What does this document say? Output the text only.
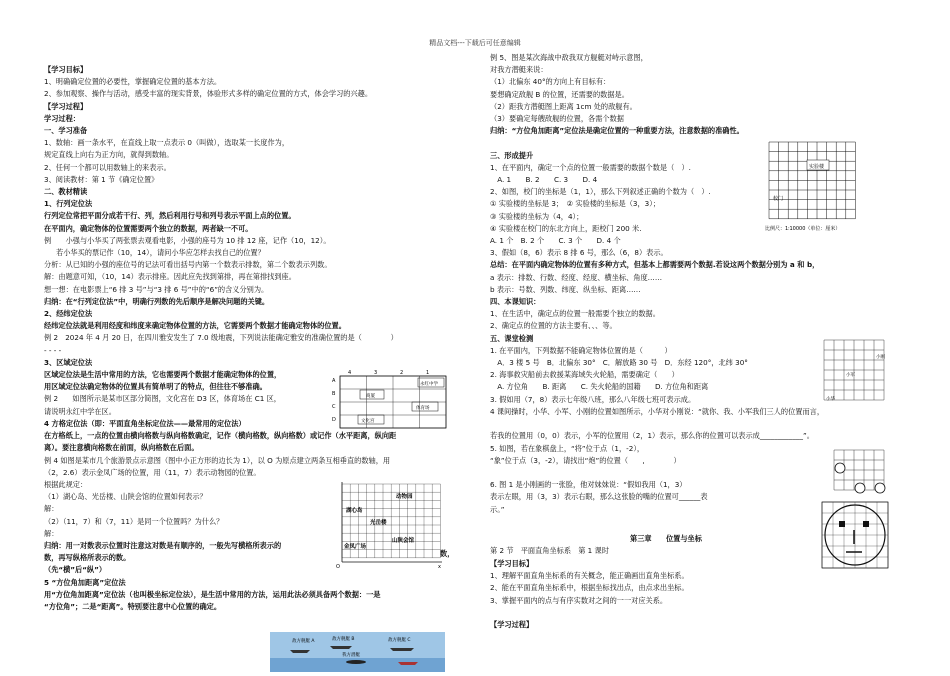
精品文档---下载后可任意编辑

【学习目标】

1、明确确定位置的必要性，掌握确定位置的基本方法。

2、参加观察、操作与活动，感受丰富的现实背景，体验形式多样的确定位置的方式，体会学习的兴趣。

【学习过程】

学习过程：

一、学习准备

1、数轴：画一条水平，在直线上取一点表示 0（叫做），选取某一长度作为，

规定直线上向右为正方向，就得到数轴。

2、任何一个都可以用数轴上的来表示。

3、阅读教材：第 1 节《确定位置》

二、教材精读

1、行列定位法

行列定位常把平面分成若干行、列，然后利用行号和列号表示平面上点的位置。

在平面内，确定物体的位置需要两个独立的数据，两者缺一不可。

例　　小强与小华买了两张票去观看电影，小强的座号为 10 排 12 座，记作（10，12）。

若小华买的票记作（10，14），请问小华应怎样去找自己的位置？

分析：从已知的小强的座位号的记法可看出括号内第一个数表示排数，第二个数表示列数。

解：由题意可知，（10，14）表示排座。因此应先找到第排，再在第排找到座。

想一想：在电影票上“6 排 3 号”与“3 排 6 号”中的“6”的含义分别为。

归纳：在“行列定位法”中，明确行列数的先后顺序是解决问题的关键。

2、经纬定位法

经纬定位法就是利用经度和纬度来确定物体位置的方法，它需要两个数据才能确定物体的位置。

例 2　2024 年 4 月 20 日，在四川雅安发生了 7.0 级地震，下列说法能确定雅安的准确位置的是（　　　　）

- - - -

3、区域定位法

区域定位法是生活中常用的方法，它也需要两个数据才能确定物体的位置，

用区域定位法确定物体的位置具有简单明了的特点，但往往不够准确。

例 2　　如图所示是某市区部分简图，文化宫在 D3 区，体育场在 C1 区，

请说明永红中学在区。

4 方格定位法（即：平面直角坐标定位法——最常用的定位法）

在方格纸上，一点的位置由横向格数与纵向格数确定，记作（横向格数，纵向格数）或记作（水平距离，纵向距

离）。要注意横向格数在前面，纵向格数在后面。

例 4 如图是某市几个旅游景点示意图（图中小正方形的边长为 1），以 O 为原点建立两条互相垂直的数轴，用

（2，2.6）表示金凤广场的位置，用（11，7）表示动物园的位置。

根据此规定：

（1）湖心岛、光岳楼、山陕会馆的位置如何表示？

解：

（2）（11，7）和（7，11）是同一个位置吗？为什么？

解：

归纳：用一对数表示位置时注意这对数是有顺序的，一般先写横格所表示的

数，再写纵格所表示的数。

（先“横”后“纵”）

5 “方位角加距离”定位法

用“方位角加距离”定位法（也叫极坐标定位法），是生活中常用的方法，运用此法必须具备两个数据：一是

“方位角”；二是“距离”。特别要注意中心位置的确定。

例 5、图是某次海战中敌我双方舰艇对峙示意图，

对我方潜艇来说：

（1）北偏东 40°的方向上有目标有：

要想确定敌舰 B 的位置，还需要的数据是。

（2）距我方潜艇图上距离 1cm 处的敌舰有。

（3）要确定每艘敌舰的位置，各需个数据

归纳：“方位角加距离”定位法是确定位置的一种重要方法，注意数据的准确性。

三、形成提升

1、在平面内，确定一个点的位置一般需要的数据个数是（　）.

　A. 1　　B. 2　　C. 3　　D. 4

2、如图，校门的坐标是（1，1），那么下列叙述正确的个数为（　）.

① 实验楼的坐标是 3；　② 实验楼的坐标是（3，3）；

③ 实验楼的坐标为（4，4）；

④ 实验楼在校门的东北方向上，距校门 200 米.

A. 1 个　B. 2 个　　C. 3 个　　D. 4 个

3、假如（8，6）表示 8 排 6 号，那么（6，8）表示。

总结：在平面内确定物体的位置有多种方式，但基本上都需要两个数据.若设这两个数据分别为 a 和 b，

a 表示：排数、行数、经度、经度、横坐标、角度……

b 表示：号数、列数、纬度、纵坐标、距离……

四、本课知识：

1、在生活中，确定点的位置一般需要个独立的数据。

2、确定点的位置的方法主要有、、、等。

五、课堂检测

1. 在平面内，下列数据不能确定物体位置的是（　　　）

　A．3 楼 5 号　B．北偏东 30°　C．解放路 30 号　D．东经 120°，北纬 30°

2. 海事救灾船前去救援某海域失火轮船，需要确定（　　）

　A. 方位角　　B. 距离　　C. 失火轮船的国籍　　D. 方位角和距离

3. 假如用（7，8）表示七年级八班，那么八年级七班可表示成。

4 课间操时，小华、小军、小刚的位置如图所示，小华对小刚说：“就你、我、小军我们三人的位置而言，

若我的位置用（0，0）表示，小军的位置用（2，1）表示，那么你的位置可以表示成____________”。

5. 如图，若在象棋盘上，“将”位于点（1，-2），

“象”位于点（3，-2），请找出“炮”的位置（　　,　　　　）

6. 图 1 是小刚画的一张脸，他对妹妹说：“假如我用（1，3）

表示左眼，用（3，3）表示右眼，那么这张脸的嘴的位置可______表

示。”

第三章　　位置与坐标

第 2 节　平面直角坐标系　第 1 课时

【学习目标】

1、理解平面直角坐标系的有关概念，能正确画出直角坐标系。

2、能在平面直角坐标系中，根据坐标找出点，由点求出坐标。

3、掌握平面内的点与有序实数对之间的一一对应关系。

【学习过程】

4	3	2	1
A
B
C
D
永红中学
商厦
体育场
文化宫
O	x
动物园
湖心岛
光岳楼
山陕会馆
金凤广场
敌方舰艇 A	敌方舰艇 B	敌方舰艇 C
我方潜艇
实验楼
校门
比例尺：1∶10000（单位：厘米）
小刚
小军
小华
数，
